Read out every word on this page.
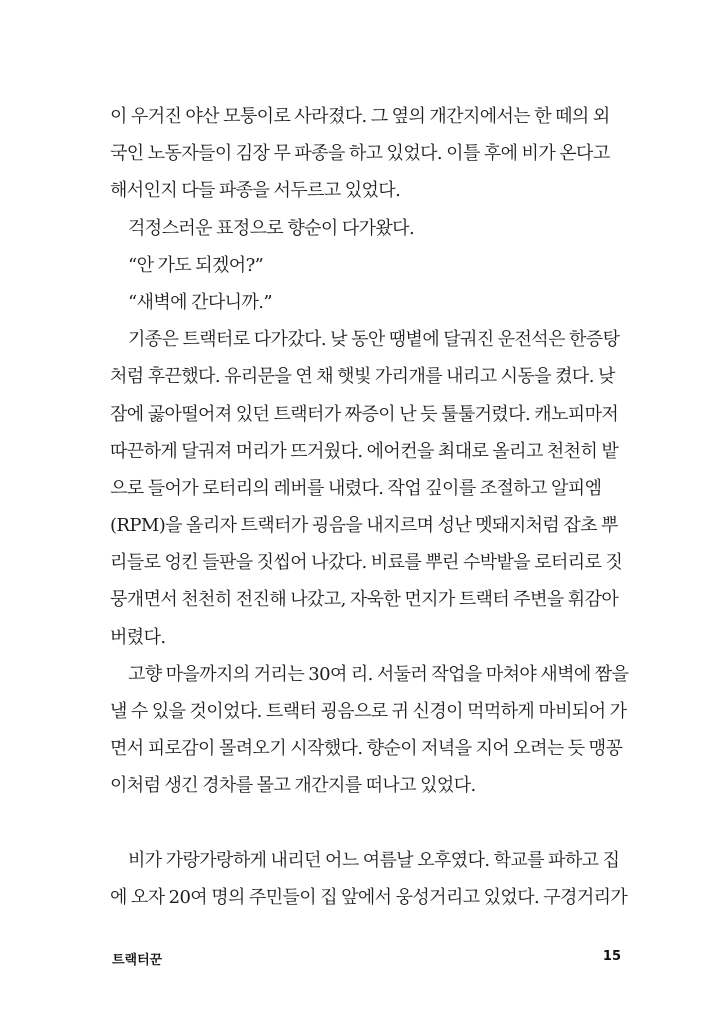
이 우거진 야산 모퉁이로 사라졌다. 그 옆의 개간지에서는 한 떼의 외
국인 노동자들이 김장 무 파종을 하고 있었다. 이틀 후에 비가 온다고
해서인지 다들 파종을 서두르고 있었다.
걱정스러운 표정으로 향순이 다가왔다.
“안 가도 되겠어?”
“새벽에 간다니까.”
기종은 트랙터로 다가갔다. 낮 동안 땡볕에 달궈진 운전석은 한증탕
처럼 후끈했다. 유리문을 연 채 햇빛 가리개를 내리고 시동을 켰다. 낮
잠에 곯아떨어져 있던 트랙터가 짜증이 난 듯 툴툴거렸다. 캐노피마저
따끈하게 달궈져 머리가 뜨거웠다. 에어컨을 최대로 올리고 천천히 밭
으로 들어가 로터리의 레버를 내렸다. 작업 깊이를 조절하고 알피엠
(RPM)을 올리자 트랙터가 굉음을 내지르며 성난 멧돼지처럼 잡초 뿌
리들로 엉킨 들판을 짓씹어 나갔다. 비료를 뿌린 수박밭을 로터리로 짓
뭉개면서 천천히 전진해 나갔고, 자욱한 먼지가 트랙터 주변을 휘감아
버렸다.
고향 마을까지의 거리는 30여 리. 서둘러 작업을 마쳐야 새벽에 짬을
낼 수 있을 것이었다. 트랙터 굉음으로 귀 신경이 먹먹하게 마비되어 가
면서 피로감이 몰려오기 시작했다. 향순이 저녁을 지어 오려는 듯 맹꽁
이처럼 생긴 경차를 몰고 개간지를 떠나고 있었다.
비가 가랑가랑하게 내리던 어느 여름날 오후였다. 학교를 파하고 집
에 오자 20여 명의 주민들이 집 앞에서 웅성거리고 있었다. 구경거리가
트랙터꾼	15
